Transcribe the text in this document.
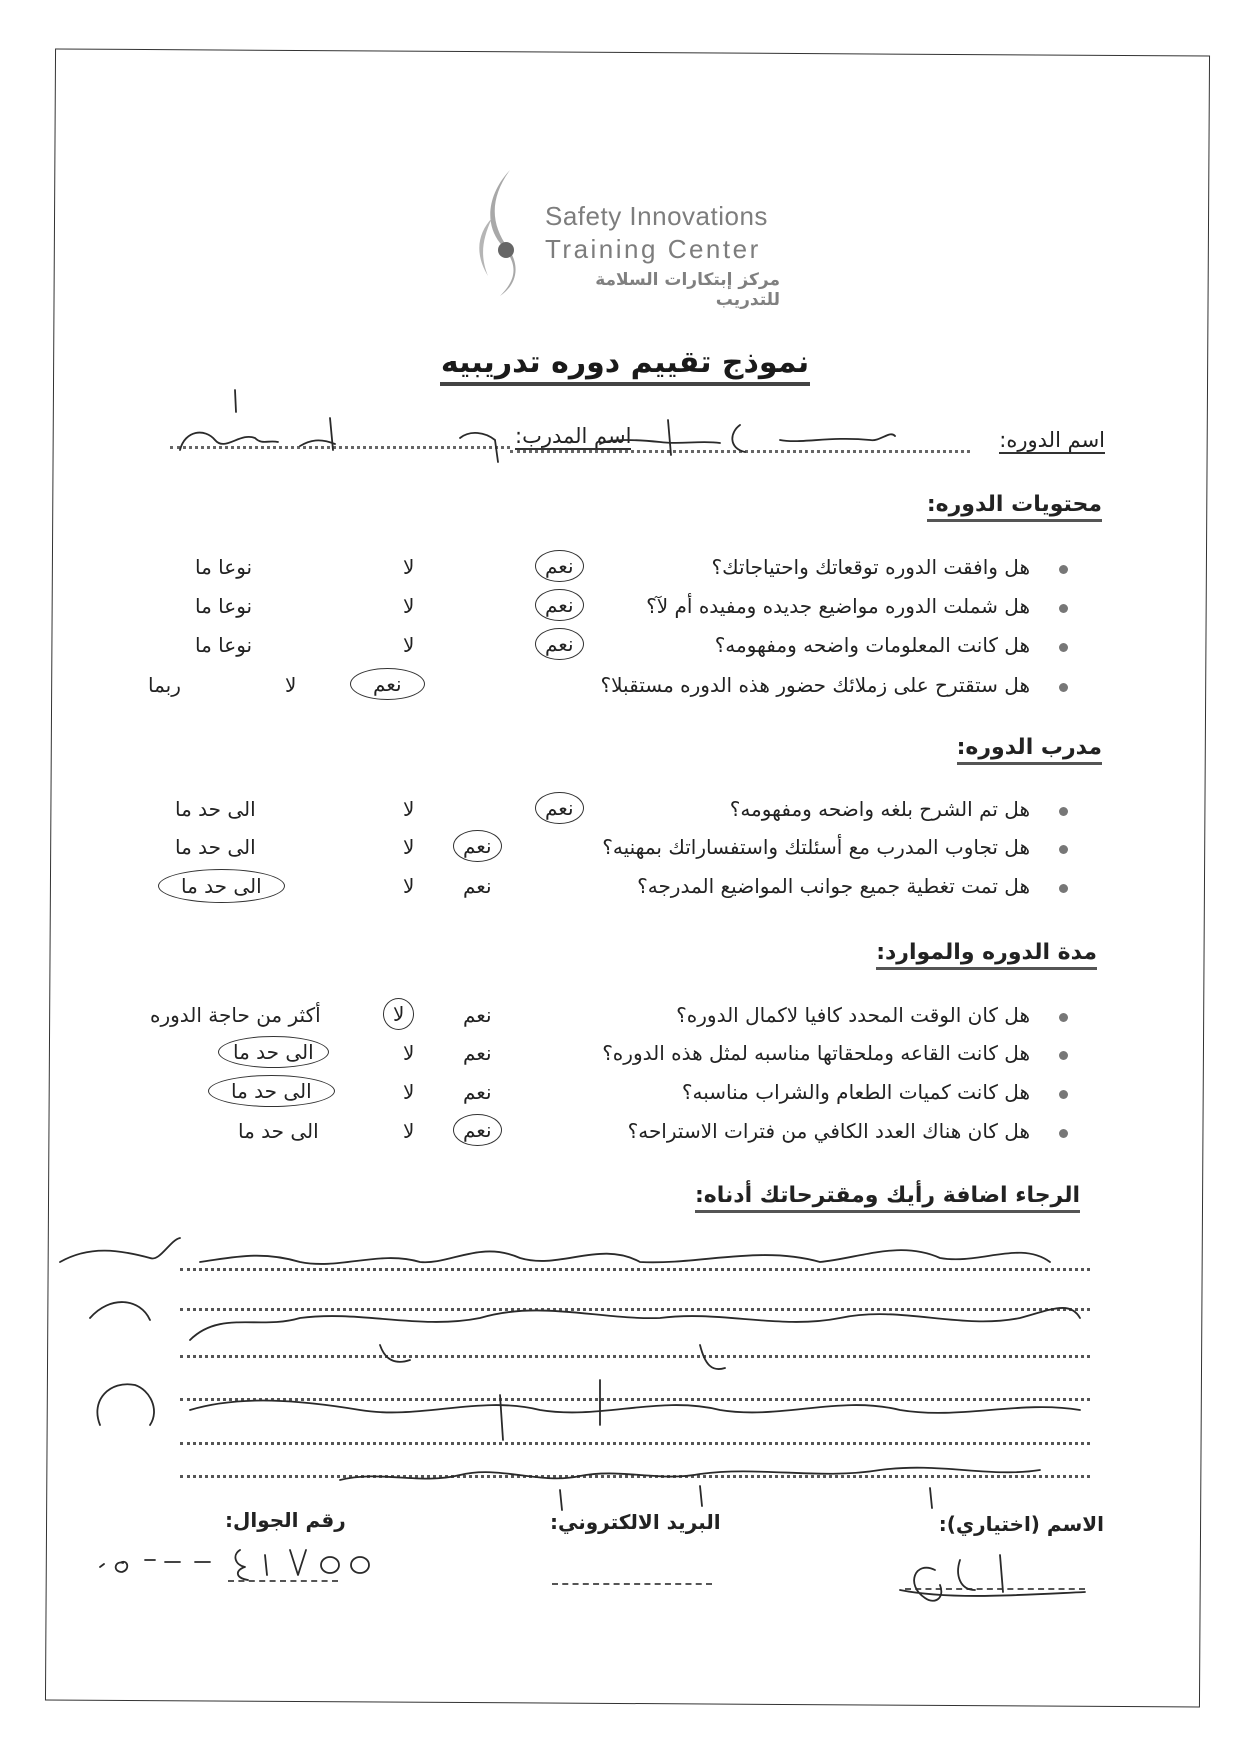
Safety Innovations
Training Center
مركز إبتكارات السلامة للتدريب
نموذج تقييم دوره تدريبيه
اسم الدوره:
اسم المدرب:
محتويات الدوره:
هل وافقت الدوره توقعاتك واحتياجاتك؟
نعم
لا
نوعا ما
هل شملت الدوره مواضيع جديده ومفيده أم لآ؟
نعم
لا
نوعا ما
هل كانت المعلومات واضحه ومفهومه؟
نعم
لا
نوعا ما
هل ستقترح على زملائك حضور هذه الدوره مستقبلا؟
نعم
لا
ربما
مدرب الدوره:
هل تم الشرح بلغه واضحه ومفهومه؟
نعم
لا
الى حد ما
هل تجاوب المدرب مع أسئلتك واستفساراتك بمهنيه؟
نعم
لا
الى حد ما
هل تمت تغطية جميع جوانب المواضيع المدرجه؟
نعم
لا
الى حد ما
مدة الدوره والموارد:
هل كان الوقت المحدد كافيا لاكمال الدوره؟
نعم
لا
أكثر من حاجة الدوره
هل كانت القاعه وملحقاتها مناسبه لمثل هذه الدوره؟
نعم
لا
الى حد ما
هل كانت كميات الطعام والشراب مناسبه؟
نعم
لا
الى حد ما
هل كان هناك العدد الكافي من فترات الاستراحه؟
نعم
لا
الى حد ما
الرجاء اضافة رأيك ومقترحاتك أدناه:
الاسم (اختياري):
البريد الالكتروني:
رقم الجوال:
